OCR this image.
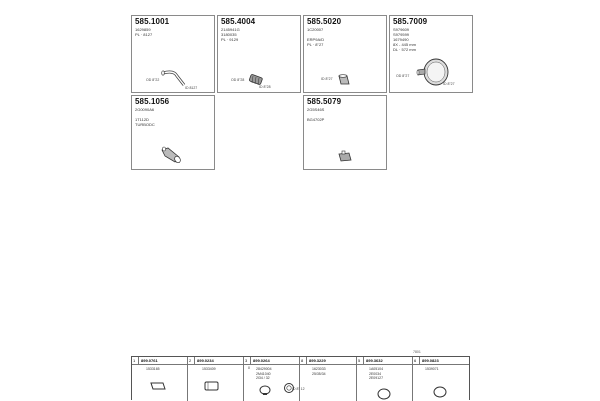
585.1001
1629859
PL · 8127
OD 8"22
ID 8127
585.4004
2145941G
3180035
PL · 9129
OD 8"28
ID 8"28
585.5020
1C20007
ERP9A/D
PL · 8"27
ID 8"27
585.7009
S979609
S979599
1679490
8X - 445 mm
DL · 572 mm
OD 8"27
ID 8"27
585.1056
2G0090A6
1T112D
TURBODC
585.5079
2G5S46S
BG4702P
7801
1 899.0761
1533165
2 899.0234
1533409
3 899.0264
28429004
2M41040
2I34 / 32
8
8 899.3229
1623033
25/35/34
ID 8" 12
5 899.3632
1A05104
2E0034
2E09127
6 899.0823
1539071
